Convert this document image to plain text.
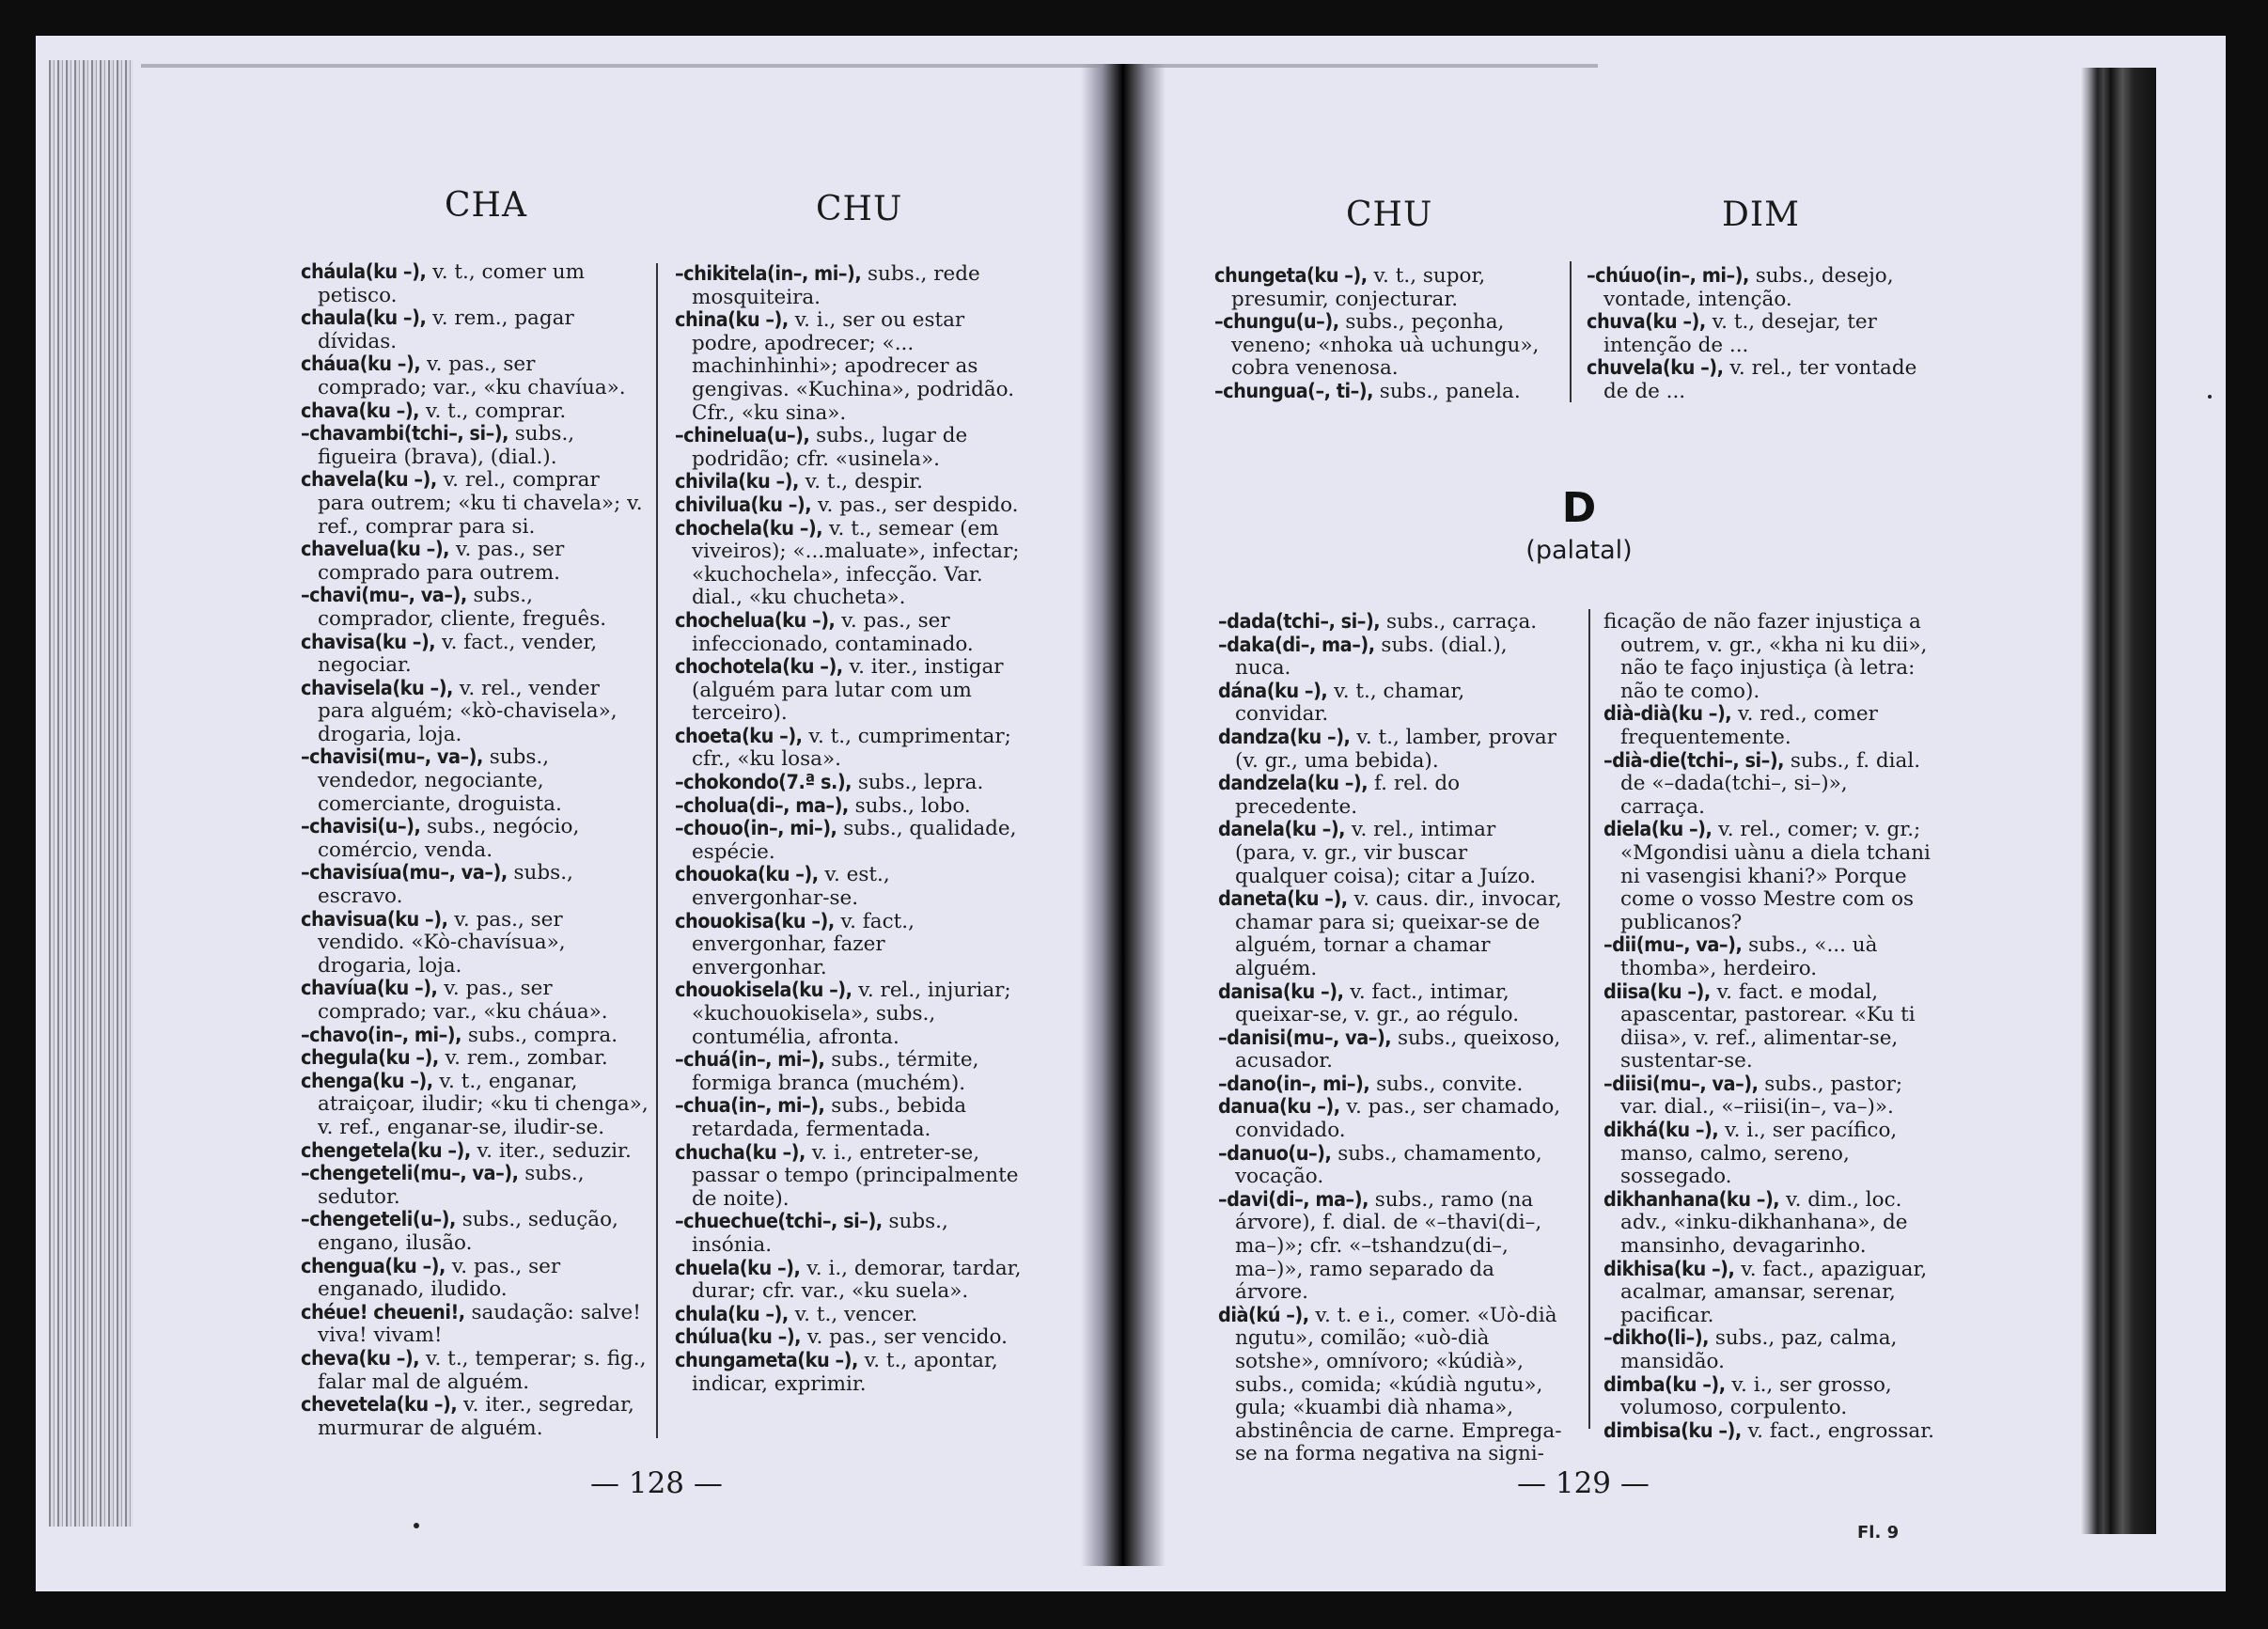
CHA	CHU

cháula(ku –), v. t., comer um petisco.

chaula(ku –), v. rem., pagar dívidas.

cháua(ku –), v. pas., ser comprado; var., «ku chavíua».

chava(ku –), v. t., comprar.

–chavambi(tchi–, si–), subs., figueira (brava), (dial.).

chavela(ku –), v. rel., comprar para outrem; «ku ti chavela»; v. ref., comprar para si.

chavelua(ku –), v. pas., ser comprado para outrem.

–chavi(mu–, va–), subs., comprador, cliente, freguês.

chavisa(ku –), v. fact., vender, negociar.

chavisela(ku –), v. rel., vender para alguém; «kò-chavisela», drogaria, loja.

–chavisi(mu–, va–), subs., vendedor, negociante, comerciante, droguista.

–chavisi(u–), subs., negócio, comércio, venda.

–chavisíua(mu–, va–), subs., escravo.

chavisua(ku –), v. pas., ser vendido. «Kò-chavísua», drogaria, loja.

chavíua(ku –), v. pas., ser comprado; var., «ku cháua».

–chavo(in–, mi–), subs., compra.

chegula(ku –), v. rem., zombar.

chenga(ku –), v. t., enganar, atraiçoar, iludir; «ku ti chenga», v. ref., enganar-se, iludir-se.

chengetela(ku –), v. iter., seduzir.

–chengeteli(mu–, va–), subs., sedutor.

–chengeteli(u–), subs., sedução, engano, ilusão.

chenguа(ku –), v. pas., ser enganado, iludido.

chéue! cheueni!, saudação: salve! viva! vivam!

cheva(ku –), v. t., temperar; s. fig., falar mal de alguém.

chevetela(ku –), v. iter., segredar, murmurar de alguém.

–chikitela(in–, mi–), subs., rede mosquiteira.

china(ku –), v. i., ser ou estar podre, apodrecer; «... machinhinhi»; apodrecer as gengivas. «Kuchina», podridão. Cfr., «ku sina».

–chinelua(u–), subs., lugar de podridão; cfr. «usinela».

chivila(ku –), v. t., despir.

chivilua(ku –), v. pas., ser despido.

chochela(ku –), v. t., semear (em viveiros); «...maluate», infectar; «kuchochela», infecção. Var. dial., «ku chucheta».

chochelua(ku –), v. pas., ser infeccionado, contaminado.

chochotela(ku –), v. iter., instigar (alguém para lutar com um terceiro).

choeta(ku –), v. t., cumprimentar; cfr., «ku losa».

–chokondo(7.ª s.), subs., lepra.

–cholua(di–, ma–), subs., lobo.

–chouo(in–, mi–), subs., qualidade, espécie.

chouoka(ku –), v. est., envergonhar-se.

chouokisa(ku –), v. fact., envergonhar, fazer envergonhar.

chouokisela(ku –), v. rel., injuriar; «kuchouokisela», subs., contumélia, afronta.

–chuá(in–, mi–), subs., térmite, formiga branca (muchém).

–chua(in–, mi–), subs., bebida retardada, fermentada.

chucha(ku –), v. i., entreter-se, passar o tempo (principalmente de noite).

–chuechue(tchi–, si–), subs., insónia.

chuela(ku –), v. i., demorar, tardar, durar; cfr. var., «ku suela».

chula(ku –), v. t., vencer.

chúlua(ku –), v. pas., ser vencido.

chungameta(ku –), v. t., apontar, indicar, exprimir.

— 128 —
CHU	DIM

chungeta(ku –), v. t., supor, presumir, conjecturar.

–chungu(u–), subs., peçonha, veneno; «nhoka uà uchungu», cobra venenosa.

–chungua(–, ti–), subs., panela.

–chúuo(in–, mi–), subs., desejo, vontade, intenção.

chuva(ku –), v. t., desejar, ter intenção de ...

chuvela(ku –), v. rel., ter vontade de de ...

D
(palatal)

–dada(tchi–, si–), subs., carraça.

–daka(di–, ma–), subs. (dial.), nuca.

dána(ku –), v. t., chamar, convidar.

dandza(ku –), v. t., lamber, provar (v. gr., uma bebida).

dandzela(ku –), f. rel. do precedente.

danela(ku –), v. rel., intimar (para, v. gr., vir buscar qualquer coisa); citar a Juízo.

daneta(ku –), v. caus. dir., invocar, chamar para si; queixar-se de alguém, tornar a chamar alguém.

danisa(ku –), v. fact., intimar, queixar-se, v. gr., ao régulo.

–danisi(mu–, va–), subs., queixoso, acusador.

–dano(in–, mi–), subs., convite.

danua(ku –), v. pas., ser chamado, convidado.

–danuo(u–), subs., chamamento, vocação.

–davi(di–, ma–), subs., ramo (na árvore), f. dial. de «–thavi(di–, ma–)»; cfr. «–tshandzu(di–, ma–)», ramo separado da árvore.

dià(kú –), v. t. e i., comer. «Uò-dià ngutu», comilão; «uò-dià sotshe», omnívoro; «kúdià», subs., comida; «kúdià ngutu», gula; «kuambi dià nhama», abstinência de carne. Emprega-se na forma negativa na signi-

ficação de não fazer injustiça a outrem, v. gr., «kha ni ku dii», não te faço injustiça (à letra: não te como).

dià-dià(ku –), v. red., comer frequentemente.

–dià-die(tchi–, si–), subs., f. dial. de «–dada(tchi–, si–)», carraça.

diela(ku –), v. rel., comer; v. gr.; «Mgondisi uànu a diela tchani ni vasengisi khani?» Porque come o vosso Mestre com os publicanos?

–dii(mu–, va–), subs., «... uà thomba», herdeiro.

diisa(ku –), v. fact. e modal, apascentar, pastorear. «Ku ti diisa», v. ref., alimentar-se, sustentar-se.

–diisi(mu–, va–), subs., pastor; var. dial., «–riisi(in–, va–)».

dikhá(ku –), v. i., ser pacífico, manso, calmo, sereno, sossegado.

dikhanhana(ku –), v. dim., loc. adv., «inku-dikhanhana», de mansinho, devagarinho.

dikhisa(ku –), v. fact., apaziguar, acalmar, amansar, serenar, pacificar.

–dikho(li–), subs., paz, calma, mansidão.

dimba(ku –), v. i., ser grosso, volumoso, corpulento.

dimbisa(ku –), v. fact., engrossar.

— 129 —
Fl. 9
